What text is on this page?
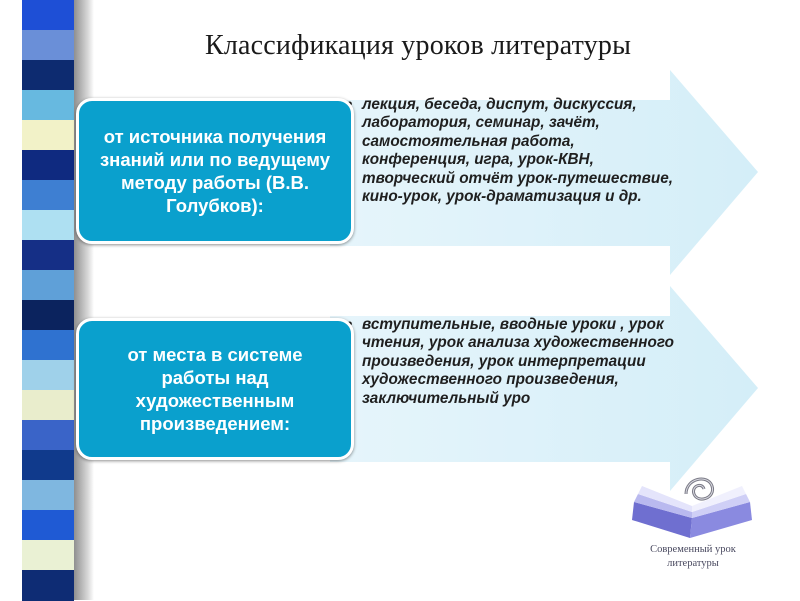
Классификация уроков литературы
лекция, беседа, диспут, дискуссия, лаборатория, семинар, зачёт, самостоятельная работа, конференция, игра, урок-КВН, творческий отчёт урок-путешествие, кино-урок, урок-драматизация и др.
вступительные, вводные уроки , урок чтения, урок анализа художественного произведения, урок интерпретации художественного произведения, заключительный уро
от источника получения знаний или по ведущему методу работы (В.В. Голубков):
от места в системе работы над художественным произведением:
Современный урок
литературы
